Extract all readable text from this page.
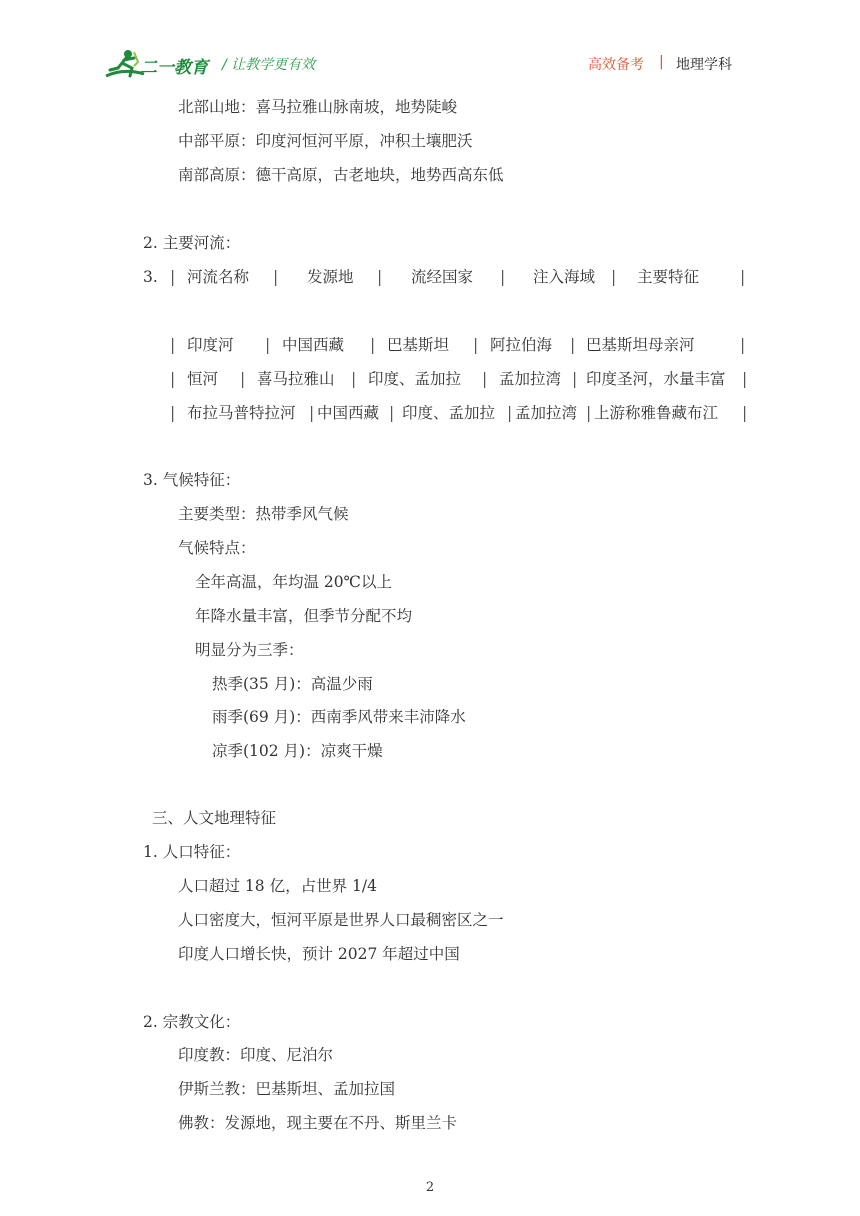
二一教育 / 让教学更有效	高效备考 | 地理学科
北部山地：喜马拉雅山脉南坡，地势陡峻
中部平原：印度河恒河平原，冲积土壤肥沃
南部高原：德干高原，古老地块，地势西高东低
2. 主要河流：
3. | 河流名称 | 发源地 | 流经国家 | 注入海域 | 主要特征	|
| 印度河 | 中国西藏 | 巴基斯坦 | 阿拉伯海 | 巴基斯坦母亲河	|
| 恒河 | 喜马拉雅山 | 印度、孟加拉 | 孟加拉湾 | 印度圣河，水量丰富 |
| 布拉马普特拉河 | 中国西藏 | 印度、孟加拉 | 孟加拉湾 | 上游称雅鲁藏布江 |
3. 气候特征：
主要类型：热带季风气候
气候特点：
全年高温，年均温 20℃以上
年降水量丰富，但季节分配不均
明显分为三季：
热季(35 月)：高温少雨
雨季(69 月)：西南季风带来丰沛降水
凉季(102 月)：凉爽干燥
三、人文地理特征
1. 人口特征：
人口超过 18 亿，占世界 1/4
人口密度大，恒河平原是世界人口最稠密区之一
印度人口增长快，预计 2027 年超过中国
2. 宗教文化：
印度教：印度、尼泊尔
伊斯兰教：巴基斯坦、孟加拉国
佛教：发源地，现主要在不丹、斯里兰卡
2
